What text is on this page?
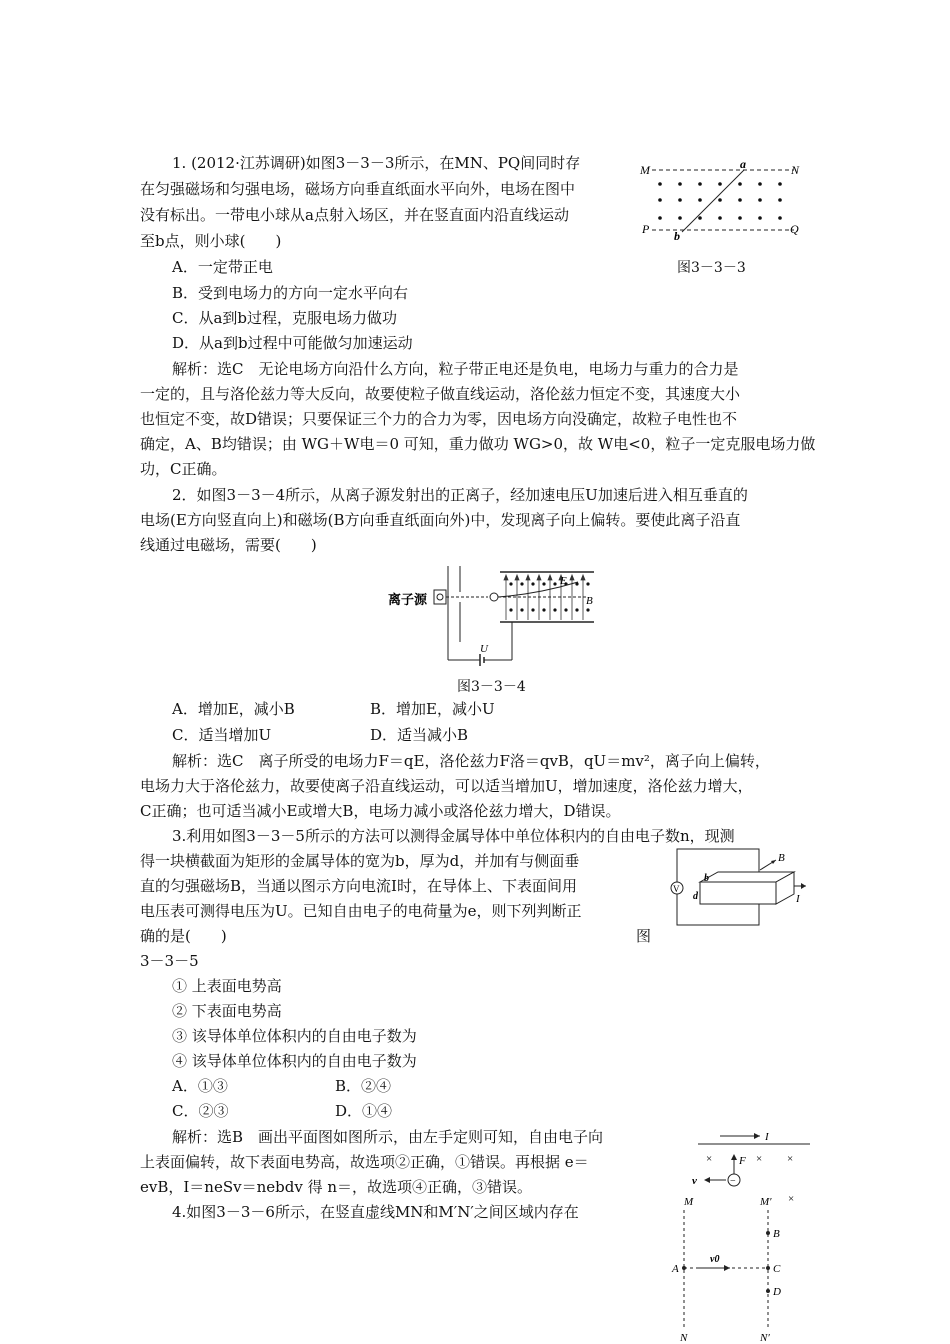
1. (2012·江苏调研)如图3－3－3所示，在MN、PQ间同时存
在匀强磁场和匀强电场，磁场方向垂直纸面水平向外，电场在图中
没有标出。一带电小球从a点射入场区，并在竖直面内沿直线运动
至b点，则小球(　　)
A．一定带正电
B．受到电场力的方向一定水平向右
C．从a到b过程，克服电场力做功
D．从a到b过程中可能做匀加速运动
解析：选C　无论电场方向沿什么方向，粒子带正电还是负电，电场力与重力的合力是
一定的，且与洛伦兹力等大反向，故要使粒子做直线运动，洛伦兹力恒定不变，其速度大小
也恒定不变，故D错误；只要保证三个力的合力为零，因电场方向没确定，故粒子电性也不
确定，A、B均错误；由 WG＋W电＝0 可知，重力做功 WG>0，故 W电<0，粒子一定克服电场力做
功，C正确。
2．如图3－3－4所示，从离子源发射出的正离子，经加速电压U加速后进入相互垂直的
电场(E方向竖直向上)和磁场(B方向垂直纸面向外)中，发现离子向上偏转。要使此离子沿直
线通过电磁场，需要(　　)
A．增加E，减小B	B．增加E，减小U
C．适当增加U	D．适当减小B
解析：选C　离子所受的电场力F＝qE，洛伦兹力F洛＝qvB，qU＝mv²，离子向上偏转，
电场力大于洛伦兹力，故要使离子沿直线运动，可以适当增加U，增加速度，洛伦兹力增大，
C正确；也可适当减小E或增大B，电场力减小或洛伦兹力增大，D错误。
3.利用如图3－3－5所示的方法可以测得金属导体中单位体积内的自由电子数n，现测
得一块横截面为矩形的金属导体的宽为b，厚为d，并加有与侧面垂
直的匀强磁场B，当通以图示方向电流I时，在导体上、下表面间用
电压表可测得电压为U。已知自由电子的电荷量为e，则下列判断正
确的是(　　)	图
3－3－5
① 上表面电势高
② 下表面电势高
③ 该导体单位体积内的自由电子数为
④ 该导体单位体积内的自由电子数为
A．①③	B．②④
C．②③	D．①④
解析：选B　画出平面图如图所示，由左手定则可知，自由电子向
上表面偏转，故下表面电势高，故选项②正确，①错误。再根据 e＝
evB，I＝neSv＝nebdv 得 n＝，故选项④正确，③错误。
4.如图3－3－6所示，在竖直虚线MN和M′N′之间区域内存在
M	N
P	Q
a
b
图3－3－3
离子源
E
B
U
图3－3－4
V
B
I
b
d
I
×	× ×
F
−
v
M	M′ ×
v0
A
B
C
D
N	N′
